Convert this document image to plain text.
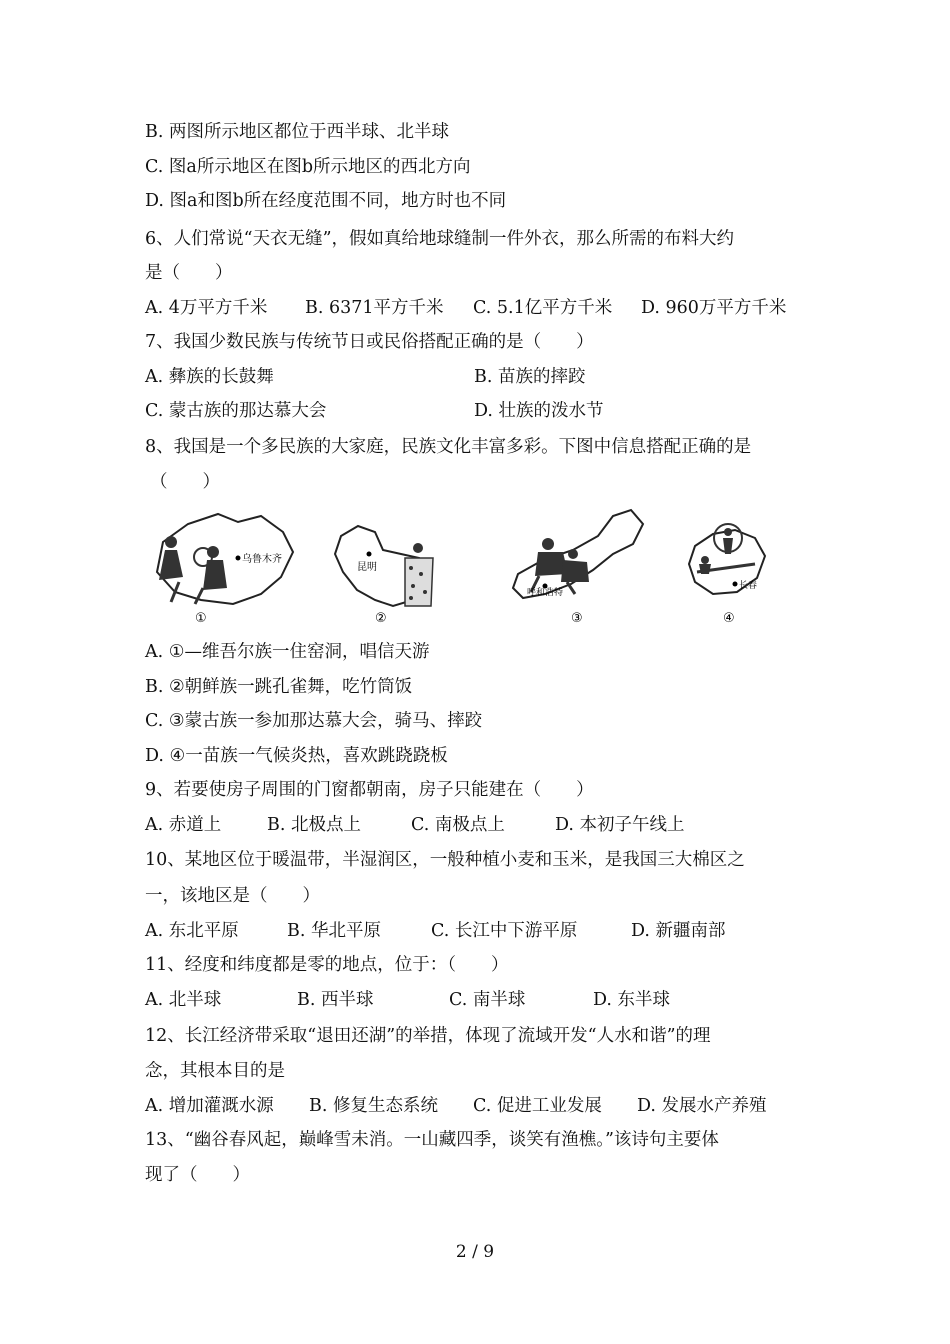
B. 两图所示地区都位于西半球、北半球
C. 图a所示地区在图b所示地区的西北方向
D. 图a和图b所在经度范围不同，地方时也不同
6、人们常说“天衣无缝”，假如真给地球缝制一件外衣，那么所需的布料大约
是（　　）
A. 4万平方千米 B. 6371平方千米 C. 5.1亿平方千米 D. 960万平方千米
7、我国少数民族与传统节日或民俗搭配正确的是（　　）
A. 彝族的长鼓舞	B. 苗族的摔跤
C. 蒙古族的那达慕大会	D. 壮族的泼水节
8、我国是一个多民族的大家庭，民族文化丰富多彩。下图中信息搭配正确的是
（　　）
乌鲁木齐
①
昆明
②
呼和浩特
③
长春
④
A. ①—维吾尔族一住窑洞，唱信天游
B. ②朝鲜族一跳孔雀舞，吃竹筒饭
C. ③蒙古族一参加那达慕大会，骑马、摔跤
D. ④一苗族一气候炎热，喜欢跳跷跷板
9、若要使房子周围的门窗都朝南，房子只能建在（　　）
A. 赤道上	B. 北极点上	C. 南极点上	D. 本初子午线上
10、某地区位于暖温带，半湿润区，一般种植小麦和玉米，是我国三大棉区之
一，该地区是（　　）
A. 东北平原	B. 华北平原	C. 长江中下游平原	D. 新疆南部
11、经度和纬度都是零的地点，位于：（　　）
A. 北半球	B. 西半球	C. 南半球	D. 东半球
12、长江经济带采取“退田还湖”的举措，体现了流域开发“人水和谐”的理
念，其根本目的是
A. 增加灌溉水源 B. 修复生态系统 C. 促进工业发展 D. 发展水产养殖
13、“幽谷春风起，巅峰雪未消。一山藏四季，谈笑有渔樵。”该诗句主要体
现了（　　）
2 / 9
